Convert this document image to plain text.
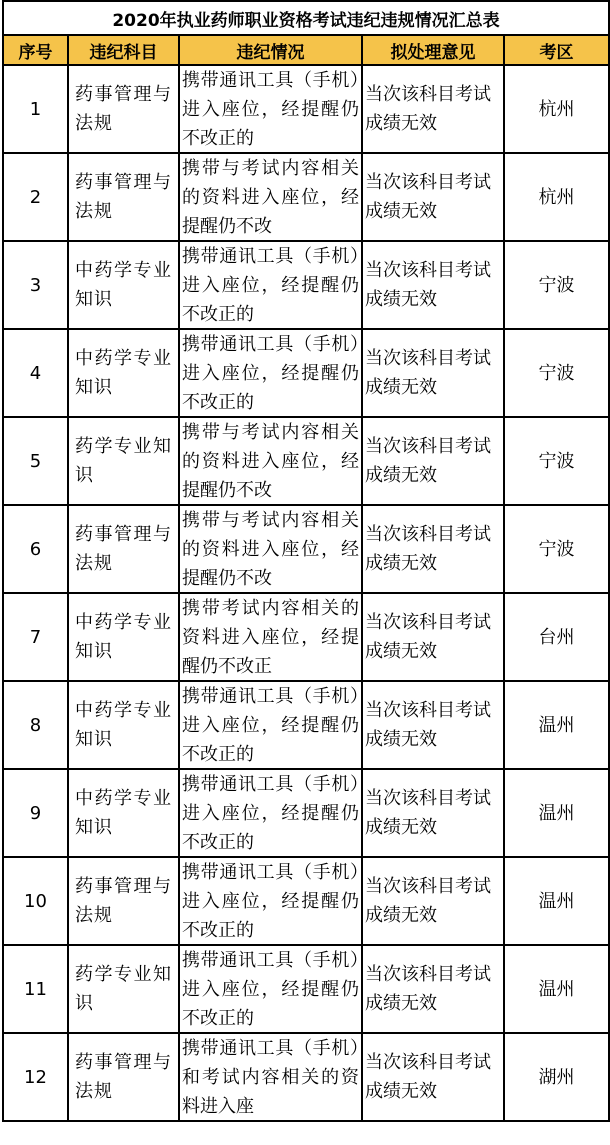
2020年执业药师职业资格考试违纪违规情况汇总表				
序号	违纪科目	违纪情况	拟处理意见	考区
1	药事管理与法规	携带通讯工具（手机）进入座位，经提醒仍不改正的	当次该科目考试成绩无效	杭州
2	药事管理与法规	携带与考试内容相关的资料进入座位，经提醒仍不改	当次该科目考试成绩无效	杭州
3	中药学专业知识	携带通讯工具（手机）进入座位，经提醒仍不改正的	当次该科目考试成绩无效	宁波
4	中药学专业知识	携带通讯工具（手机）进入座位，经提醒仍不改正的	当次该科目考试成绩无效	宁波
5	药学专业知识	携带与考试内容相关的资料进入座位，经提醒仍不改	当次该科目考试成绩无效	宁波
6	药事管理与法规	携带与考试内容相关的资料进入座位，经提醒仍不改	当次该科目考试成绩无效	宁波
7	中药学专业知识	携带考试内容相关的资料进入座位，经提醒仍不改正	当次该科目考试成绩无效	台州
8	中药学专业知识	携带通讯工具（手机）进入座位，经提醒仍不改正的	当次该科目考试成绩无效	温州
9	中药学专业知识	携带通讯工具（手机）进入座位，经提醒仍不改正的	当次该科目考试成绩无效	温州
10	药事管理与法规	携带通讯工具（手机）进入座位，经提醒仍不改正的	当次该科目考试成绩无效	温州
11	药学专业知识	携带通讯工具（手机）进入座位，经提醒仍不改正的	当次该科目考试成绩无效	温州
12	药事管理与法规	携带通讯工具（手机）和考试内容相关的资料进入座	当次该科目考试成绩无效	湖州
